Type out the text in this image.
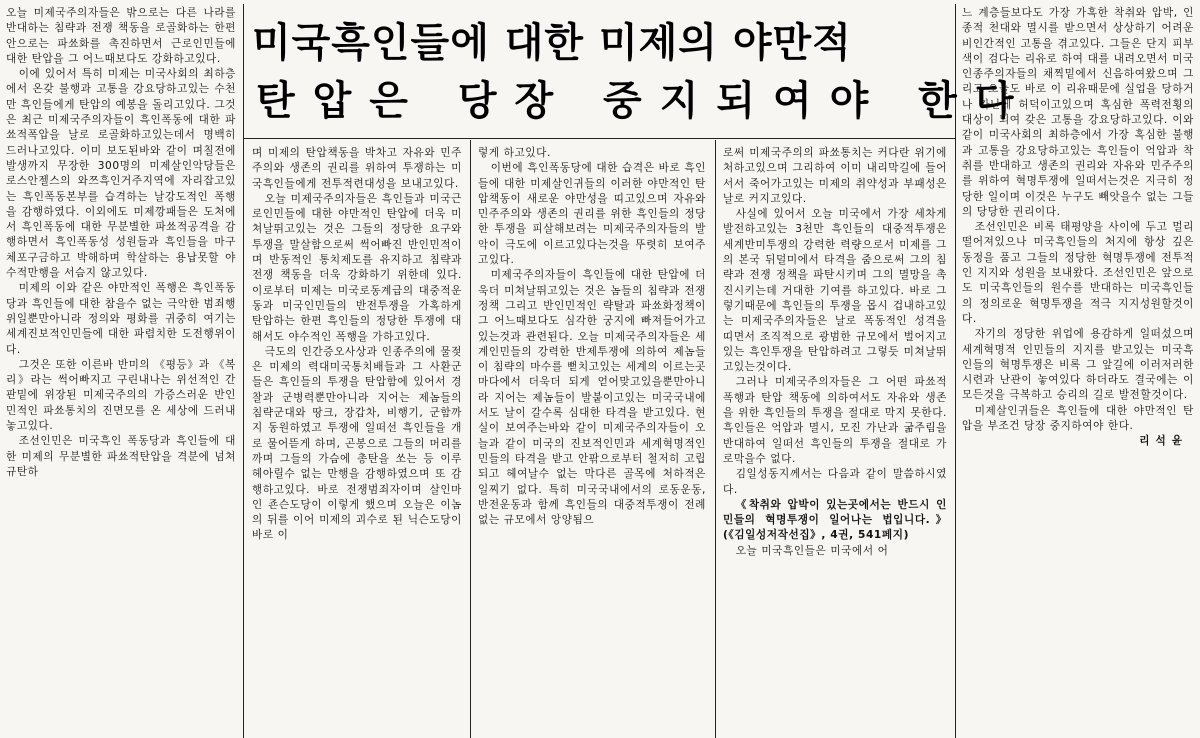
미국흑인들에 대한 미제의 야만적
탄압은 당장 중지되여야 한다

오늘 미제국주의자들은 밖으로는 다른 나라를 반대하는 침략과 전쟁 책동을 로골화하는 한편 안으로는 파쑈화를 촉진하면서 근로인민들에 대한 탄압을 그 어느때보다도 강화하고있다.

이에 있어서 특히 미제는 미국사회의 최하층에서 온갖 불행과 고통을 강요당하고있는 수천만 흑인들에게 탄압의 예봉을 돌리고있다. 그것은 최근 미제국주의자들이 흑인폭동에 대한 파쑈적폭압을 날로 로골화하고있는데서 명백히 드러나고있다. 이미 보도된바와 같이 며칠전에 발생까지 무장한 300명의 미제살인악당들은 로스안젤스의 와쯔흑인거주지역에 자리잡고있는 흑인폭동본부를 습격하는 날강도적인 폭행을 감행하였다. 이외에도 미제깡패들은 도처에서 흑인폭동에 대한 무분별한 파쑈적공격을 감행하면서 흑인폭동성 성원들과 흑인들을 마구 체포구금하고 박해하며 학살하는 용납못할 야수적만행을 서슴지 않고있다.

미제의 이와 같은 야만적인 폭행은 흑인폭동당과 흑인들에 대한 참을수 없는 극악한 범죄행위일뿐만아니라 정의와 평화를 귀중히 여기는 세계진보적인민들에 대한 파렴치한 도전행위이다.

그것은 또한 이른바 반미의 《평등》과 《복리》라는 썩어빠지고 구린내나는 위선적인 간판밑에 위장된 미제국주의의 가증스러운 반인민적인 파쑈통치의 진면모를 온 세상에 드러내놓고있다.

조선인민은 미국흑인 폭동당과 흑인들에 대한 미제의 무분별한 파쑈적탄압을 격분에 넘쳐 규탄하

며 미제의 탄압책동을 박차고 자유와 민주주의와 생존의 권리를 위하여 투쟁하는 미국흑인들에게 전투적련대성을 보내고있다.

오늘 미제국주의자들은 흑인들과 미국근로인민들에 대한 야만적인 탄압에 더욱 미쳐날뛰고있는 것은 그들의 정당한 요구와 투쟁을 말살함으로써 썩어빠진 반인민적이며 반동적인 통치제도를 유지하고 침략과 전쟁 책동을 더욱 강화하기 위한데 있다. 이로부터 미제는 미국로동계급의 대중적운동과 미국인민들의 반전투쟁을 가혹하게 탄압하는 한편 흑인들의 정당한 투쟁에 대해서도 야수적인 폭행을 가하고있다.

극도의 인간증오사상과 인종주의에 물젖은 미제의 력대미국통치배들과 그 사환군들은 흑인들의 투쟁을 탄압함에 있어서 경찰과 군병력뿐만아니라 지어는 제놈들의 침략군대와 땅크, 장갑차, 비행기, 군함까지 동원하였고 투쟁에 일떠선 흑인들을 개로 물어뜯게 하며, 곤봉으로 그들의 머리를 까며 그들의 가슴에 총탄을 쏘는 등 이루 헤아릴수 없는 만행을 감행하였으며 또 감행하고있다. 바로 전쟁범죄자이며 살인마인 죤슨도당이 이렇게 했으며 오늘은 이놈의 뒤를 이어 미제의 괴수로 된 닉슨도당이 바로 이

렇게 하고있다.

이번에 흑인폭동당에 대한 습격은 바로 흑인들에 대한 미제살인귀들의 이러한 야만적인 탄압책동이 새로운 야만성을 띠고있으며 자유와 민주주의와 생존의 권리를 위한 흑인들의 정당한 투쟁을 피살해보려는 미제국주의자들의 발악이 극도에 이르고있다는것을 뚜렷히 보여주고있다.

미제국주의자들이 흑인들에 대한 탄압에 더욱더 미쳐날뛰고있는 것은 놈들의 침략과 전쟁 정책 그리고 반인민적인 략탈과 파쑈화정책이 그 어느때보다도 심각한 궁지에 빠져들어가고있는것과 관련된다. 오늘 미제국주의자들은 세계인민들의 강력한 반제투쟁에 의하여 제놈들이 침략의 마수를 뻗치고있는 세계의 이르는곳마다에서 더욱더 되게 얻어맞고있을뿐만아니라 지어는 제놈들이 발붙이고있는 미국국내에서도 날이 갈수록 심대한 타격을 받고있다. 현실이 보여주는바와 같이 미제국주의자들이 오늘과 같이 미국의 진보적인민과 세계혁명적인민들의 타격을 받고 안팎으로부터 철저히 고립되고 헤여날수 없는 막다른 골목에 처하적은 일찌기 없다. 특히 미국국내에서의 로동운동, 반전운동과 함께 흑인들의 대중적투쟁이 전례없는 규모에서 앙양됨으

로써 미제국주의의 파쑈통치는 커다란 위기에 처하고있으며 그리하여 이미 내리막길에 들어서서 죽어가고있는 미제의 취약성과 부패성은 날로 커지고있다.

사실에 있어서 오늘 미국에서 가장 세차게 발전하고있는 3천만 흑인들의 대중적투쟁은 세계반미투쟁의 강력한 력량으로서 미제를 그의 본국 뒤덜미에서 타격을 줌으로써 그의 침략과 전쟁 정책을 파탄시키며 그의 멸망을 촉진시키는데 거대한 기여를 하고있다. 바로 그렇기때문에 흑인들의 투쟁을 몹시 겁내하고있는 미제국주의자들은 날로 폭동적인 성격을 띠면서 조직적으로 광범한 규모에서 벌어지고있는 흑인투쟁을 탄압하려고 그렇듯 미쳐날뛰고있는것이다.

그러나 미제국주의자들은 그 어떤 파쑈적 폭행과 탄압 책동에 의하여서도 자유와 생존을 위한 흑인들의 투쟁을 절대로 막지 못한다. 흑인들은 억압과 멸시, 모진 가난과 굶주림을 반대하여 일떠선 흑인들의 투쟁을 절대로 가로막을수 없다.

김일성동지께서는 다음과 같이 말씀하시였다.

《착취와 압박이 있는곳에서는 반드시 인민들의 혁명투쟁이 일어나는 법입니다.》(《김일성저작선집》, 4권, 541페지)

오늘 미국흑인들은 미국에서 어

느 계층들보다도 가장 가혹한 착취와 압박, 인종적 천대와 멸시를 받으면서 상상하기 어려운 비인간적인 고통을 겪고있다. 그들은 단지 피부색이 검다는 리유로 하여 대를 내려오면서 미국인종주의자들의 채찍밑에서 신음하여왔으며 그리고 오늘도 바로 이 리유때문에 실업을 당하거나 가난에 허덕이고있으며 혹심한 폭력전횡의 대상이 되여 갖은 고통을 강요당하고있다. 이와 같이 미국사회의 최하층에서 가장 혹심한 불행과 고통을 강요당하고있는 흑인들이 억압과 착취를 반대하고 생존의 권리와 자유와 민주주의를 위하여 혁명투쟁에 일떠서는것은 지극히 정당한 일이며 이것은 누구도 빼앗을수 없는 그들의 당당한 권리이다.

조선인민은 비록 태평양을 사이에 두고 멀리 떨어져있으나 미국흑인들의 처지에 항상 깊은 동정을 품고 그들의 정당한 혁명투쟁에 전투적인 지지와 성원을 보내왔다. 조선인민은 앞으로도 미국흑인들의 원수를 반대하는 미국흑인들의 정의로운 혁명투쟁을 적극 지지성원할것이다.

자기의 정당한 위업에 용감하게 일떠섰으며 세계혁명적 인민들의 지지를 받고있는 미국흑인들의 혁명투쟁은 비록 그 앞길에 이러저러한 시련과 난관이 놓여있다 하더라도 결국에는 이 모든것을 극복하고 승리의 길로 발전할것이다.

미제살인귀들은 흑인들에 대한 야만적인 탄압을 부조건 당장 중지하여야 한다.

리석윤
